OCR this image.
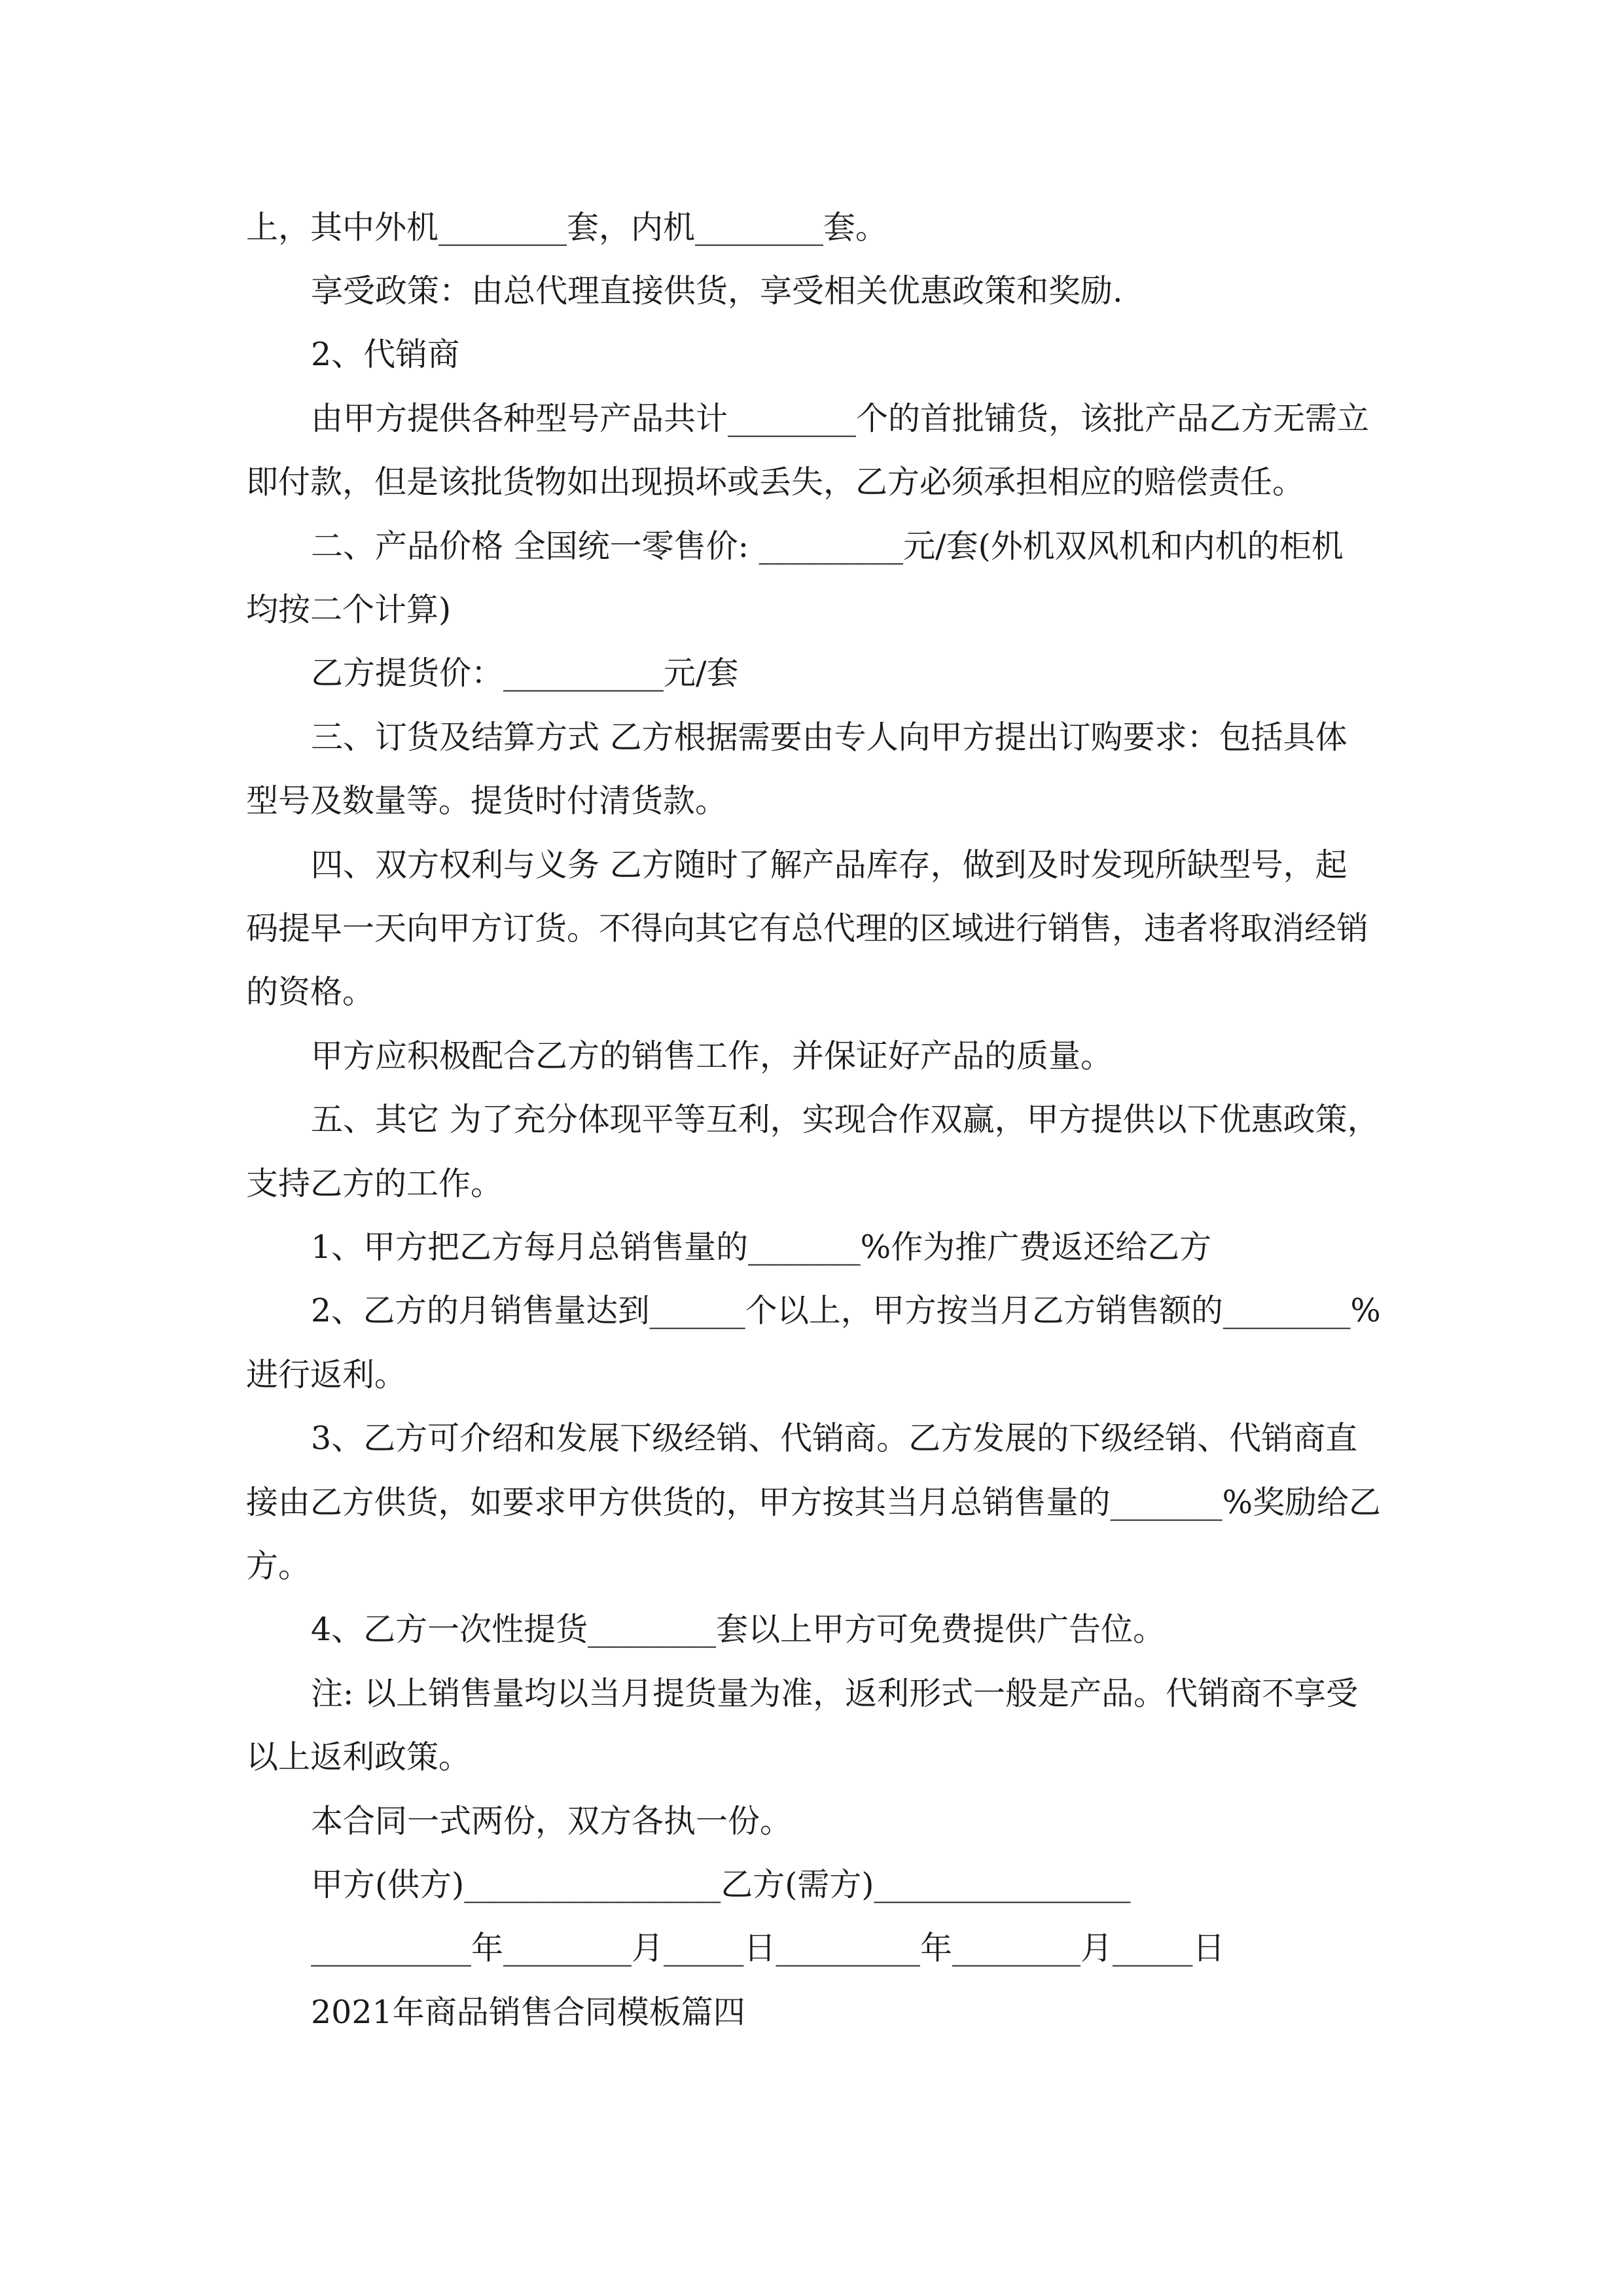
上，其中外机________套，内机________套。
享受政策：由总代理直接供货，享受相关优惠政策和奖励.
2、代销商
由甲方提供各种型号产品共计________个的首批铺货，该批产品乙方无需立
即付款，但是该批货物如出现损坏或丢失，乙方必须承担相应的赔偿责任。
二、产品价格 全国统一零售价: _________元/套(外机双风机和内机的柜机
均按二个计算)
乙方提货价：__________元/套
三、订货及结算方式 乙方根据需要由专人向甲方提出订购要求：包括具体
型号及数量等。提货时付清货款。
四、双方权利与义务 乙方随时了解产品库存，做到及时发现所缺型号，起
码提早一天向甲方订货。不得向其它有总代理的区域进行销售，违者将取消经销
的资格。
甲方应积极配合乙方的销售工作，并保证好产品的质量。
五、其它 为了充分体现平等互利，实现合作双赢，甲方提供以下优惠政策，
支持乙方的工作。
1、甲方把乙方每月总销售量的_______%作为推广费返还给乙方
2、乙方的月销售量达到______个以上，甲方按当月乙方销售额的________%
进行返利。
3、乙方可介绍和发展下级经销、代销商。乙方发展的下级经销、代销商直
接由乙方供货，如要求甲方供货的，甲方按其当月总销售量的_______%奖励给乙
方。
4、乙方一次性提货________套以上甲方可免费提供广告位。
注: 以上销售量均以当月提货量为准，返利形式一般是产品。代销商不享受
以上返利政策。
本合同一式两份，双方各执一份。
甲方(供方)________________乙方(需方)________________
__________年________月_____日_________年________月_____日
2021年商品销售合同模板篇四
